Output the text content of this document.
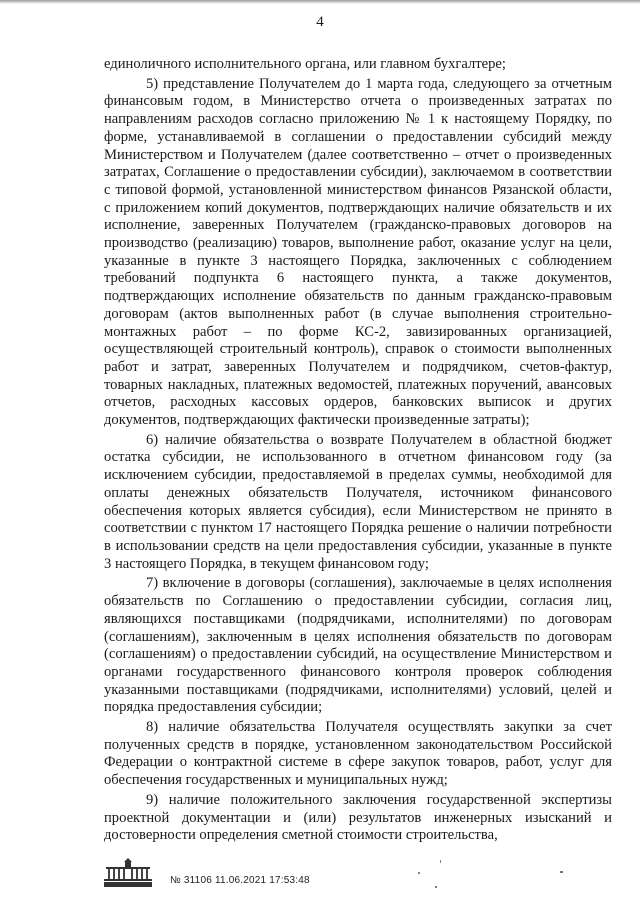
4

единоличного исполнительного органа, или главном бухгалтере;

5) представление Получателем до 1 марта года, следующего за отчетным финансовым годом, в Министерство отчета о произведенных затратах по направлениям расходов согласно приложению № 1 к настоящему Порядку, по форме, устанавливаемой в соглашении о предоставлении субсидий между Министерством и Получателем (далее соответственно – отчет о произведенных затратах, Соглашение о предоставлении субсидии), заключаемом в соответствии с типовой формой, установленной министерством финансов Рязанской области, с приложением копий документов, подтверждающих наличие обязательств и их исполнение, заверенных Получателем (гражданско-правовых договоров на производство (реализацию) товаров, выполнение работ, оказание услуг на цели, указанные в пункте 3 настоящего Порядка, заключенных с соблюдением требований подпункта 6 настоящего пункта, а также документов, подтверждающих исполнение обязательств по данным гражданско-правовым договорам (актов выполненных работ (в случае выполнения строительно-монтажных работ – по форме КС-2, завизированных организацией, осуществляющей строительный контроль), справок о стоимости выполненных работ и затрат, заверенных Получателем и подрядчиком, счетов-фактур, товарных накладных, платежных ведомостей, платежных поручений, авансовых отчетов, расходных кассовых ордеров, банковских выписок и других документов, подтверждающих фактически произведенные затраты);

6) наличие обязательства о возврате Получателем в областной бюджет остатка субсидии, не использованного в отчетном финансовом году (за исключением субсидии, предоставляемой в пределах суммы, необходимой для оплаты денежных обязательств Получателя, источником финансового обеспечения которых является субсидия), если Министерством не принято в соответствии с пунктом 17 настоящего Порядка решение о наличии потребности в использовании средств на цели предоставления субсидии, указанные в пункте 3 настоящего Порядка, в текущем финансовом году;

7) включение в договоры (соглашения), заключаемые в целях исполнения обязательств по Соглашению о предоставлении субсидии, согласия лиц, являющихся поставщиками (подрядчиками, исполнителями) по договорам (соглашениям), заключенным в целях исполнения обязательств по договорам (соглашениям) о предоставлении субсидий, на осуществление Министерством и органами государственного финансового контроля проверок соблюдения указанными поставщиками (подрядчиками, исполнителями) условий, целей и порядка предоставления субсидии;

8) наличие обязательства Получателя осуществлять закупки за счет полученных средств в порядке, установленном законодательством Российской Федерации о контрактной системе в сфере закупок товаров, работ, услуг для обеспечения государственных и муниципальных нужд;

9) наличие положительного заключения государственной экспертизы проектной документации и (или) результатов инженерных изысканий и достоверности определения сметной стоимости строительства,

№ 31106 11.06.2021 17:53:48
